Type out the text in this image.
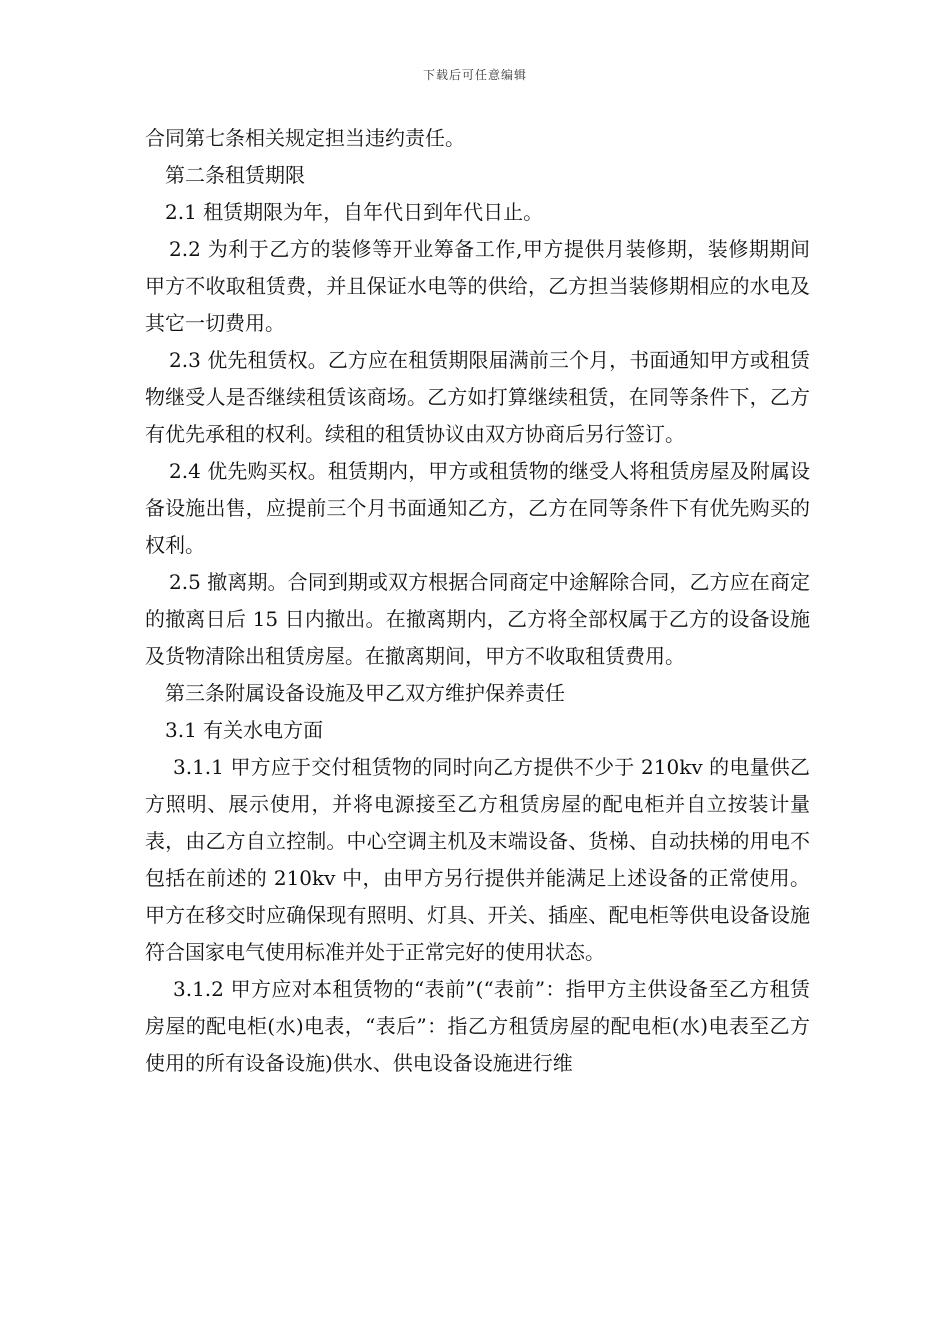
下载后可任意编辑

合同第七条相关规定担当违约责任。

第二条租赁期限

2.1 租赁期限为年，自年代日到年代日止。

2.2 为利于乙方的装修等开业筹备工作,甲方提供月装修期，装修期期间甲方不收取租赁费，并且保证水电等的供给，乙方担当装修期相应的水电及其它一切费用。

2.3 优先租赁权。乙方应在租赁期限届满前三个月，书面通知甲方或租赁物继受人是否继续租赁该商场。乙方如打算继续租赁，在同等条件下，乙方有优先承租的权利。续租的租赁协议由双方协商后另行签订。

2.4 优先购买权。租赁期内，甲方或租赁物的继受人将租赁房屋及附属设备设施出售，应提前三个月书面通知乙方，乙方在同等条件下有优先购买的权利。

2.5 撤离期。合同到期或双方根据合同商定中途解除合同，乙方应在商定的撤离日后 15 日内撤出。在撤离期内，乙方将全部权属于乙方的设备设施及货物清除出租赁房屋。在撤离期间，甲方不收取租赁费用。

第三条附属设备设施及甲乙双方维护保养责任

3.1 有关水电方面

3.1.1 甲方应于交付租赁物的同时向乙方提供不少于 210kv 的电量供乙方照明、展示使用，并将电源接至乙方租赁房屋的配电柜并自立按装计量表，由乙方自立控制。中心空调主机及末端设备、货梯、自动扶梯的用电不包括在前述的 210kv 中，由甲方另行提供并能满足上述设备的正常使用。甲方在移交时应确保现有照明、灯具、开关、插座、配电柜等供电设备设施符合国家电气使用标准并处于正常完好的使用状态。

3.1.2 甲方应对本租赁物的“表前”(“表前”：指甲方主供设备至乙方租赁房屋的配电柜(水)电表，“表后”：指乙方租赁房屋的配电柜(水)电表至乙方使用的所有设备设施)供水、供电设备设施进行维
